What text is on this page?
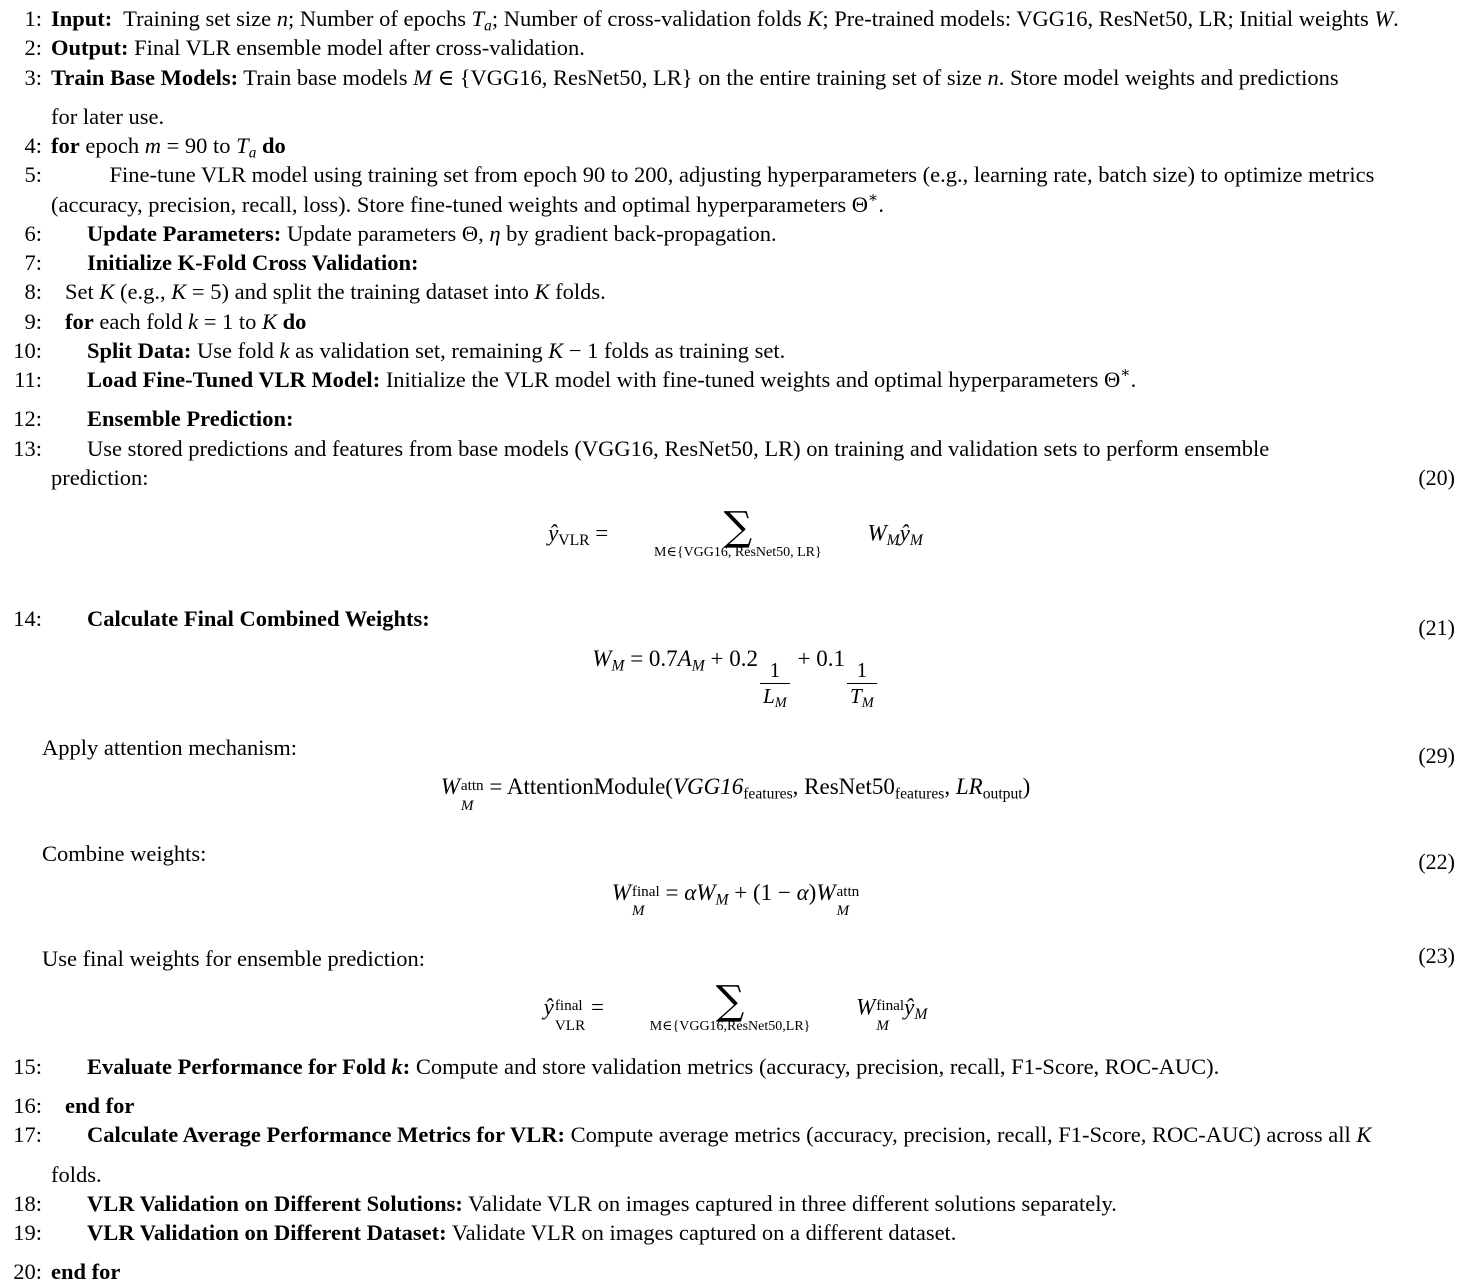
1: Input:  Training set size n; Number of epochs $T_a$; Number of cross-validation folds K; Pre-trained models: VGG16, ResNet50, LR; Initial weights W.
2: Output: Final VLR ensemble model after cross-validation.
3: Train Base Models: Train base models M ∈ {VGG16, ResNet50, LR} on the entire training set of size n. Store model weights and predictions
for later use.
4: for epoch m = 90 to $T_a$ do
5:	Fine-tune VLR model using training set from epoch 90 to 200, adjusting hyperparameters (e.g., learning rate, batch size) to optimize metrics (accuracy, precision, recall, loss). Store fine-tuned weights and optimal hyperparameters Θ∗.
6:	Update Parameters: Update parameters Θ, η by gradient back-propagation.
7:	Initialize K-Fold Cross Validation:
8:	Set K (e.g., K = 5) and split the training dataset into K folds.
9:	for each fold k = 1 to K do
10:	Split Data: Use fold k as validation set, remaining K − 1 folds as training set.
11:	Load Fine-Tuned VLR Model: Initialize the VLR model with fine-tuned weights and optimal hyperparameters Θ∗.
12:	Ensemble Prediction:
13:	Use stored predictions and features from base models (VGG16, ResNet50, LR) on training and validation sets to perform ensemble
prediction:
$ŷ_{VLR}$ =	∑
M∈{VGG16, ResNet50, LR}
$W_Mŷ_M$
(20)
14:	Calculate Final Combined Weights:
$W_M = 0.7A_M + 0.2$
$\frac{1}{L_M}$
+ 0.1
$\frac{1}{T_M}$
(21)
Apply attention mechanism:
W attn
M
= $AttentionModule(VGG16_{features}$, $ResNet50_{features}$, $LR_{output}$)
(29)
Combine weights:
W final
M
= $\alpha W_M + (1 - \alpha)W$ attn
M
(22)
Use final weights for ensemble prediction:
ŷ final
VLR
=	∑
M∈{VGG16,ResNet50,LR}
W final
M
$ŷ_M$
(23)
15:	Evaluate Performance for Fold k: Compute and store validation metrics (accuracy, precision, recall, F1-Score, ROC-AUC).
16:	end for
17:	Calculate Average Performance Metrics for VLR: Compute average metrics (accuracy, precision, recall, F1-Score, ROC-AUC) across all K
folds.
18:	VLR Validation on Different Solutions: Validate VLR on images captured in three different solutions separately.
19:	VLR Validation on Different Dataset: Validate VLR on images captured on a different dataset.
20: end for
